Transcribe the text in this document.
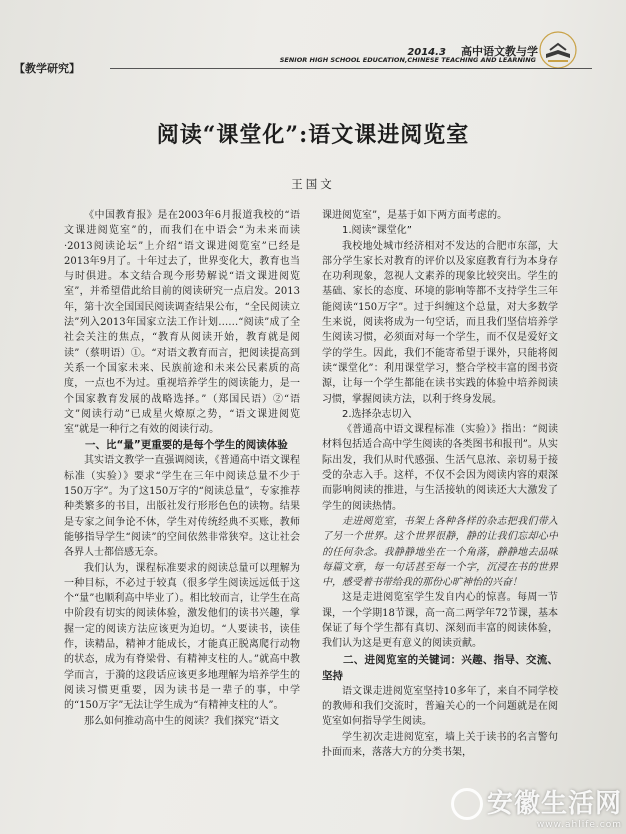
2014.3 高中语文教与学
SENIOR HIGH SCHOOL EDUCATION,CHINESE TEACHING AND LEARNING
【教学研究】
阅读“课堂化”:语文课进阅览室
王国文

《中国教育报》是在2003年6月报道我校的“语文课进阅览室”的，而我们在中语会“为未来而读·2013阅读论坛”上介绍“语文课进阅览室”已经是2013年9月了。十年过去了，世界变化大，教育也当与时俱进。本文结合现今形势解说“语文课进阅览室”，并希望借此给目前的阅读研究一点启发。2013年，第十次全国国民阅读调查结果公布，“全民阅读立法”列入2013年国家立法工作计划……“阅读”成了全社会关注的焦点，“教育从阅读开始，教育就是阅读”（蔡明语）①。“对语文教育而言，把阅读提高到关系一个国家未来、民族前途和未来公民素质的高度，一点也不为过。重视培养学生的阅读能力，是一个国家教育发展的战略选择。”（郑国民语）②“语文”阅读行动”已成星火燎原之势，“语文课进阅览室”就是一种行之有效的阅读行动。

一、比“量”更重要的是每个学生的阅读体验

其实语文教学一直强调阅读，《普通高中语文课程标准（实验）》要求“学生在三年中阅读总量不少于150万字”。为了这150万字的“阅读总量”，专家推荐种类繁多的书目，出版社发行形形色色的读物。结果是专家之间争论不休，学生对传统经典不买账，教师能够指导学生“阅读”的空间依然非常狭窄。这让社会各界人士都倍感无奈。

我们认为，课程标准要求的阅读总量可以理解为一种目标，不必过于较真（很多学生阅读远远低于这个“量”也顺利高中毕业了）。相比较而言，让学生在高中阶段有切实的阅读体验，激发他们的读书兴趣，掌握一定的阅读方法应该更为迫切。“人要读书，读佳作，读精品，精神才能成长，才能真正脱离爬行动物的状态，成为有脊梁骨、有精神支柱的人。”就高中教学而言，于漪的这段话应该更多地理解为培养学生的阅读习惯更重要，因为读书是一辈子的事，中学的“150万字”无法让学生成为“有精神支柱的人”。

那么如何推动高中生的阅读？我们探究“语文

课进阅览室”，是基于如下两方面考虑的。

1.阅读“课堂化”

我校地处城市经济相对不发达的合肥市东部，大部分学生家长对教育的评价以及家庭教育行为本身存在功利现象，忽视人文素养的现象比较突出。学生的基础、家长的态度、环境的影响等都不支持学生三年能阅读“150万字”。过于纠缠这个总量，对大多数学生来说，阅读将成为一句空话，而且我们坚信培养学生阅读习惯，必须面对每一个学生，而不仅是爱好文学的学生。因此，我们不能寄希望于课外，只能将阅读“课堂化”：利用课堂学习，整合学校丰富的图书资源，让每一个学生都能在读书实践的体验中培养阅读习惯，掌握阅读方法，以利于终身发展。

2.选择杂志切入

《普通高中语文课程标准（实验）》指出：“阅读材料包括适合高中学生阅读的各类图书和报刊”。从实际出发，我们从时代感强、生活气息浓、亲切易于接受的杂志入手。这样，不仅不会因为阅读内容的艰深而影响阅读的推进，与生活接轨的阅读还大大激发了学生的阅读热情。

走进阅览室，书架上各种各样的杂志把我们带入了另一个世界。这个世界很静，静的让我们忘却心中的任何杂念。我静静地坐在一个角落，静静地去品味每篇文章，每一句话甚至每一个字，沉浸在书的世界中，感受着书带给我的那份心旷神怡的兴奋！

这是走进阅览室学生发自内心的惊喜。每周一节课，一个学期18节课，高一高二两学年72节课，基本保证了每个学生都有真切、深刻而丰富的阅读体验，我们认为这是更有意义的阅读贡献。

二、进阅览室的关键词：兴趣、指导、交流、坚持

语文课走进阅览室坚持10多年了，来自不同学校的教师和我们交流时，普遍关心的一个问题就是在阅览室如何指导学生阅读。

学生初次走进阅览室，墙上关于读书的名言警句扑面而来，落落大方的分类书架，

安徽生活网
www.ahlife.com
